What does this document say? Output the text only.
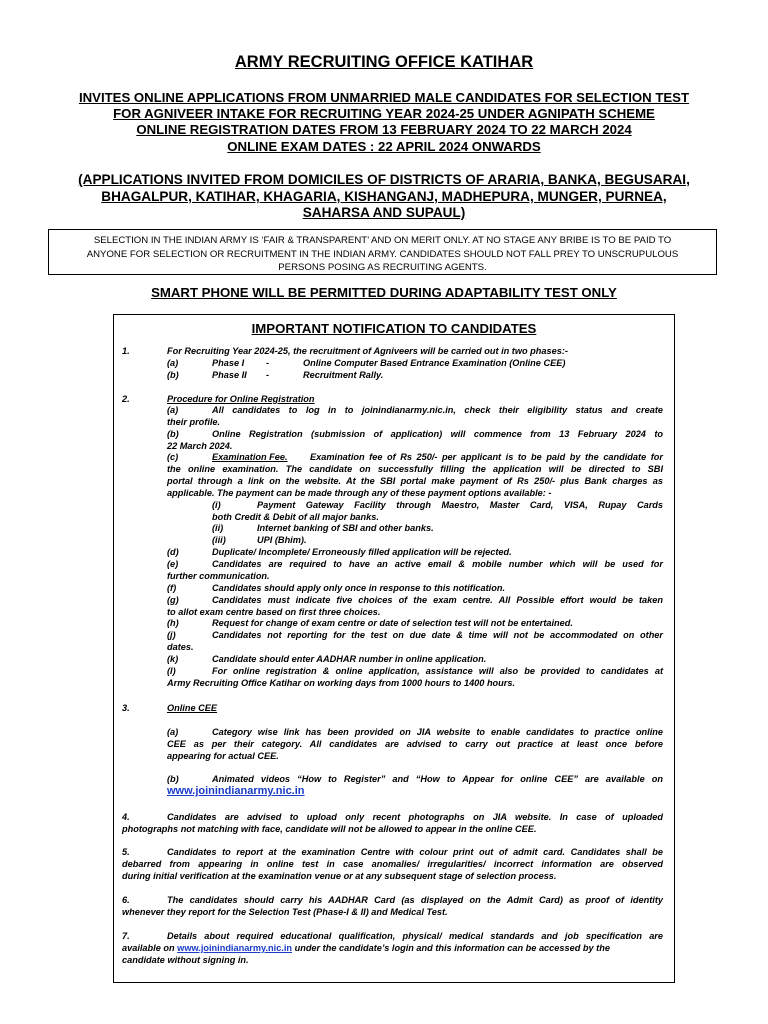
ARMY RECRUITING OFFICE KATIHAR
INVITES ONLINE APPLICATIONS FROM UNMARRIED MALE CANDIDATES FOR SELECTION TEST
FOR AGNIVEER INTAKE FOR RECRUITING YEAR 2024-25 UNDER AGNIPATH SCHEME
ONLINE REGISTRATION DATES FROM 13 FEBRUARY 2024 TO 22 MARCH 2024
ONLINE EXAM DATES : 22 APRIL 2024 ONWARDS
(APPLICATIONS INVITED FROM DOMICILES OF DISTRICTS OF ARARIA, BANKA, BEGUSARAI,
BHAGALPUR, KATIHAR, KHAGARIA, KISHANGANJ, MADHEPURA, MUNGER, PURNEA,
SAHARSA AND SUPAUL)
SELECTION IN THE INDIAN ARMY IS ‘FAIR & TRANSPARENT’ AND ON MERIT ONLY. AT NO STAGE ANY BRIBE IS TO BE PAID TO
ANYONE FOR SELECTION OR RECRUITMENT IN THE INDIAN ARMY. CANDIDATES SHOULD NOT FALL PREY TO UNSCRUPULOUS
PERSONS POSING AS RECRUITING AGENTS.
SMART PHONE WILL BE PERMITTED DURING ADAPTABILITY TEST ONLY
IMPORTANT NOTIFICATION TO CANDIDATES
1.	For Recruiting Year 2024-25, the recruitment of Agniveers will be carried out in two phases:-
(a)	Phase I -	Online Computer Based Entrance Examination (Online CEE)
(b)	Phase II -	Recruitment Rally.
2.	Procedure for Online Registration
(a)	All candidates to log in to joinindianarmy.nic.in, check their eligibility status and create
their profile.
(b)	Online Registration (submission of application) will commence from 13 February 2024 to
22 March 2024.
(c)	Examination Fee. Examination fee of Rs 250/- per applicant is to be paid by the candidate for
the online examination. The candidate on successfully filling the application will be directed to SBI
portal through a link on the website. At the SBI portal make payment of Rs 250/- plus Bank charges as
applicable. The payment can be made through any of these payment options available: -
(i)	Payment Gateway Facility through Maestro, Master Card, VISA, Rupay Cards
both Credit & Debit of all major banks.
(ii)	Internet banking of SBI and other banks.
(iii)	UPI (Bhim).
(d)	Duplicate/ Incomplete/ Erroneously filled application will be rejected.
(e)	Candidates are required to have an active email & mobile number which will be used for
further communication.
(f)	Candidates should apply only once in response to this notification.
(g)	Candidates must indicate five choices of the exam centre. All Possible effort would be taken
to allot exam centre based on first three choices.
(h)	Request for change of exam centre or date of selection test will not be entertained.
(j)	Candidates not reporting for the test on due date & time will not be accommodated on other
dates.
(k)	Candidate should enter AADHAR number in online application.
(l)	For online registration & online application, assistance will also be provided to candidates at
Army Recruiting Office Katihar on working days from 1000 hours to 1400 hours.
3.	Online CEE
(a)	Category wise link has been provided on JIA website to enable candidates to practice online
CEE as per their category. All candidates are advised to carry out practice at least once before
appearing for actual CEE.
(b)	Animated videos “How to Register” and “How to Appear for online CEE” are available on
www.joinindianarmy.nic.in
4.	Candidates are advised to upload only recent photographs on JIA website. In case of uploaded
photographs not matching with face, candidate will not be allowed to appear in the online CEE.
5.	Candidates to report at the examination Centre with colour print out of admit card. Candidates shall be
debarred from appearing in online test in case anomalies/ irregularities/ incorrect information are observed
during initial verification at the examination venue or at any subsequent stage of selection process.
6.	The candidates should carry his AADHAR Card (as displayed on the Admit Card) as proof of identity
whenever they report for the Selection Test (Phase-I & II) and Medical Test.
7.	Details about required educational qualification, physical/ medical standards and job specification are
available on www.joinindianarmy.nic.in under the candidate’s login and this information can be accessed by the
candidate without signing in.
